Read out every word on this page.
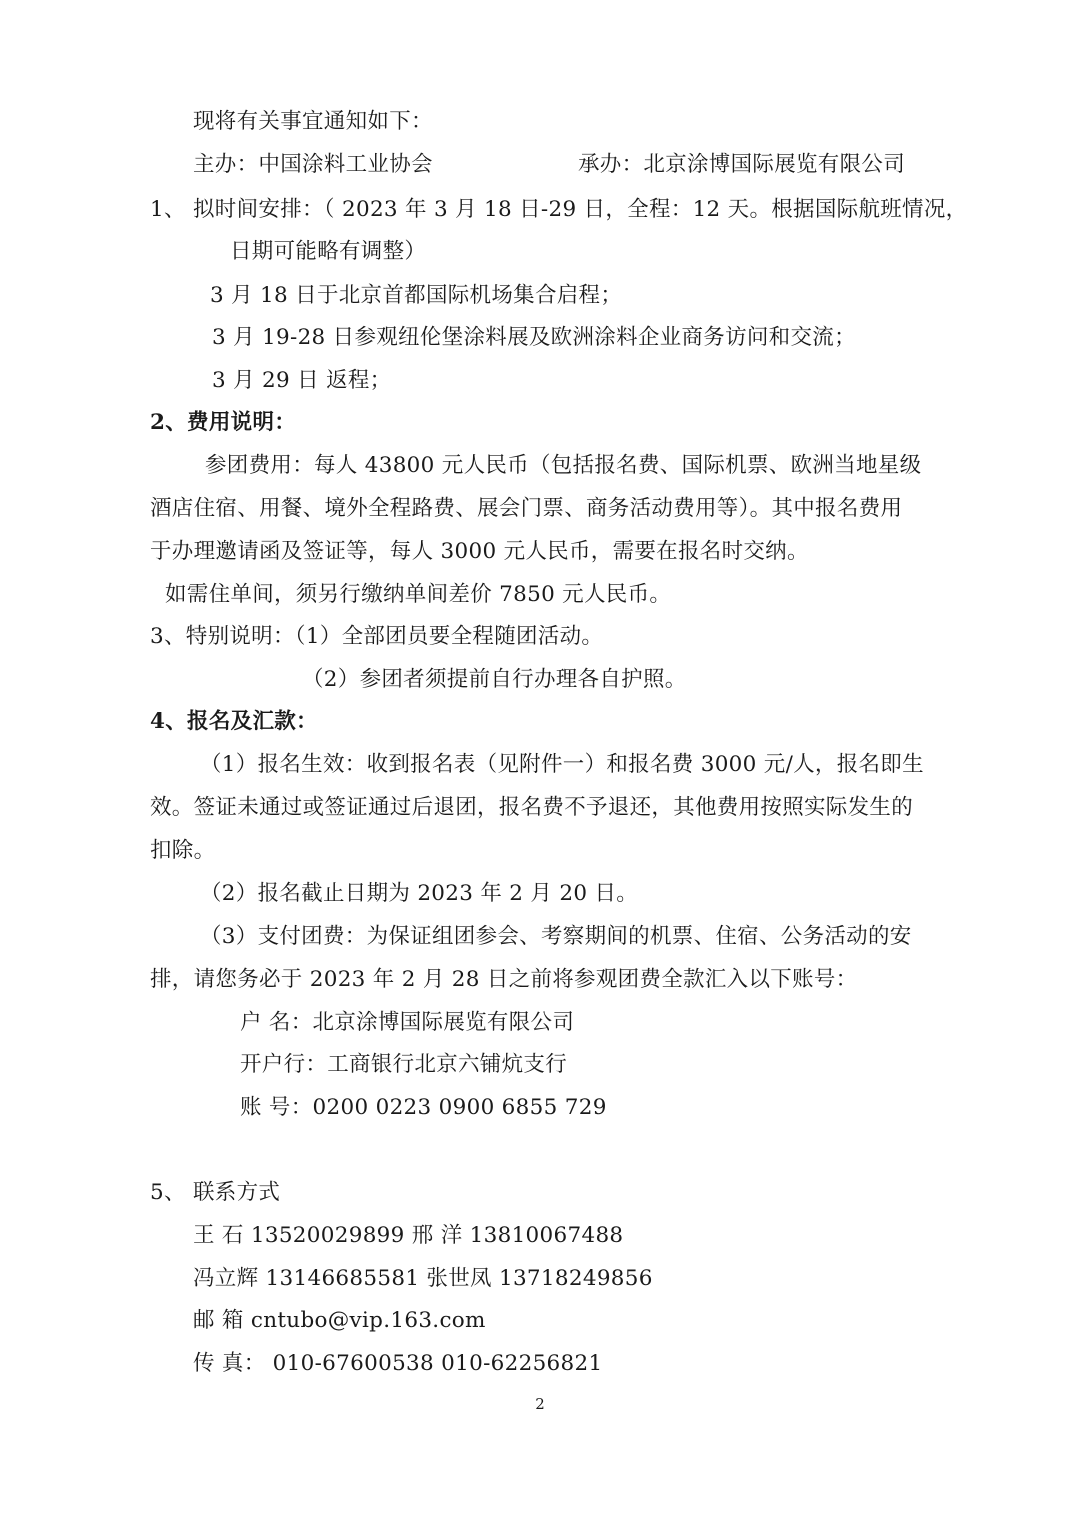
现将有关事宜通知如下：
主办：中国涂料工业协会	承办：北京涂博国际展览有限公司
1、 拟时间安排：（ 2023 年 3 月 18 日-29 日，全程：12 天。根据国际航班情况，
日期可能略有调整）
3 月 18 日于北京首都国际机场集合启程；
3 月 19-28 日参观纽伦堡涂料展及欧洲涂料企业商务访问和交流；
3 月 29 日 返程；
2、费用说明：
参团费用：每人 43800 元人民币（包括报名费、国际机票、欧洲当地星级
酒店住宿、用餐、境外全程路费、展会门票、商务活动费用等）。其中报名费用
于办理邀请函及签证等，每人 3000 元人民币，需要在报名时交纳。
如需住单间，须另行缴纳单间差价 7850 元人民币。
3、特别说明：（1）全部团员要全程随团活动。
（2）参团者须提前自行办理各自护照。
4、报名及汇款：
（1）报名生效：收到报名表（见附件一）和报名费 3000 元/人，报名即生
效。签证未通过或签证通过后退团，报名费不予退还，其他费用按照实际发生的
扣除。
（2）报名截止日期为 2023 年 2 月 20 日。
（3）支付团费：为保证组团参会、考察期间的机票、住宿、公务活动的安
排，请您务必于 2023 年 2 月 28 日之前将参观团费全款汇入以下账号：
户 名：北京涂博国际展览有限公司
开户行：工商银行北京六铺炕支行
账 号：0200 0223 0900 6855 729
5、 联系方式
王 石 13520029899 邢 洋 13810067488
冯立辉 13146685581 张世凤 13718249856
邮 箱 cntubo@vip.163.com
传 真： 010-67600538 010-62256821
2
